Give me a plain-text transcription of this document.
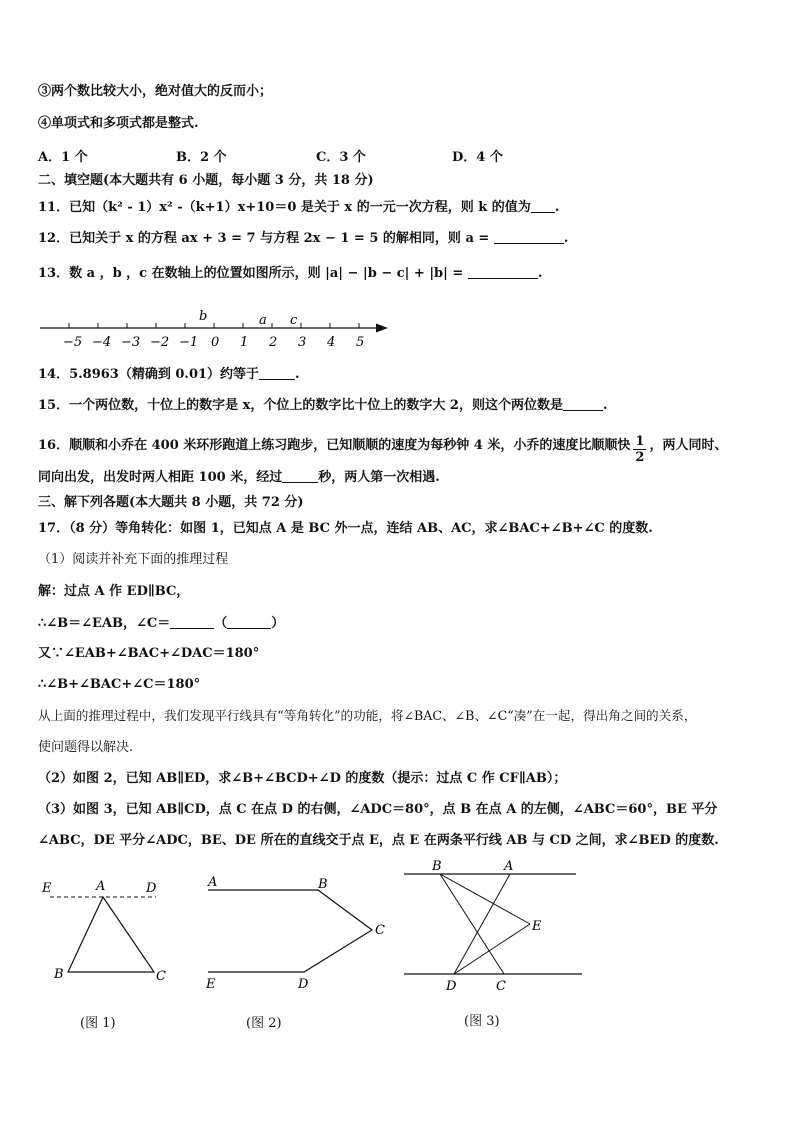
③两个数比较大小，绝对值大的反而小；
④单项式和多项式都是整式.
A．1 个	B．2 个	C．3 个	D．4 个
二、填空题(本大题共有 6 小题，每小题 3 分，共 18 分)
11．已知（k² - 1）x² -（k+1）x+10＝0 是关于 x 的一元一次方程，则 k 的值为 .
12．已知关于 x 的方程 ax + 3 = 7 与方程 2x − 1 = 5 的解相同，则 a =	.
13．数 a ，b ，c 在数轴上的位置如图所示，则 |a| − |b − c| + |b| =	.
−5 −4 −3 −2 −1 0 1 2 3 4 5
b	a c
14．5.8963（精确到 0.01）约等于	.
15．一个两位数，十位上的数字是 x，个位上的数字比十位上的数字大 2，则这个两位数是	.
16．顺顺和小乔在 400 米环形跑道上练习跑步，已知顺顺的速度为每秒钟 4 米，小乔的速度比顺顺快 $\frac{1}{2}$ ，两人同时、
同向出发，出发时两人相距 100 米，经过	秒，两人第一次相遇.
三、解下列各题(本大题共 8 小题，共 72 分)
17．（8 分）等角转化：如图 1，已知点 A 是 BC 外一点，连结 AB、AC，求∠BAC+∠B+∠C 的度数.
（1）阅读并补充下面的推理过程
解：过点 A 作 ED∥BC，
∴∠B＝∠EAB，∠C＝	（	）
又∵∠EAB+∠BAC+∠DAC＝180°
∴∠B+∠BAC+∠C＝180°
从上面的推理过程中，我们发现平行线具有“等角转化”的功能，将∠BAC、∠B、∠C“凑”在一起，得出角之间的关系，
使问题得以解决.
（2）如图 2，已知 AB∥ED，求∠B+∠BCD+∠D 的度数（提示：过点 C 作 CF∥AB）；
（3）如图 3，已知 AB∥CD，点 C 在点 D 的右侧，∠ADC＝80°，点 B 在点 A 的左侧，∠ABC＝60°，BE 平分
∠ABC，DE 平分∠ADC，BE、DE 所在的直线交于点 E，点 E 在两条平行线 AB 与 CD 之间，求∠BED 的度数.
E	A	D
B	C
(图 1)
A	B
C
E	D
(图 2)
B	A
E
D	C
(图 3)
